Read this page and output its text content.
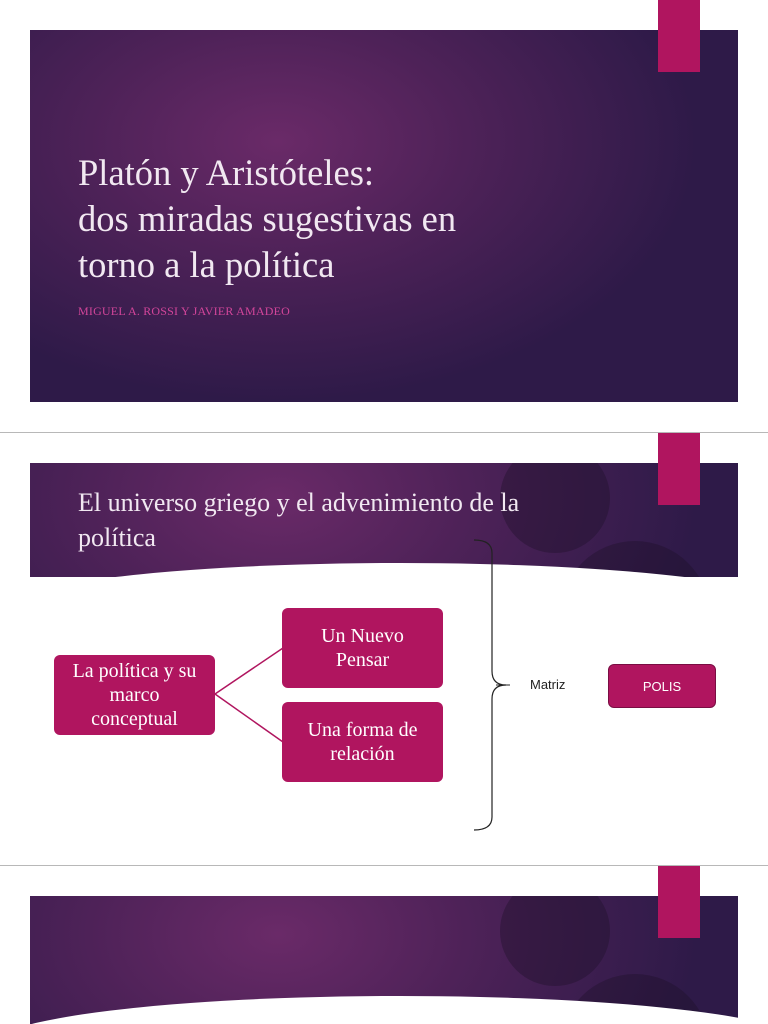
Platón y Aristóteles:
dos miradas sugestivas en
torno a la política
MIGUEL A. ROSSI Y JAVIER AMADEO
El universo griego y el advenimiento de la
política
La política y su
marco
conceptual
Un Nuevo
Pensar
Una forma de
relación
Matriz	POLIS
